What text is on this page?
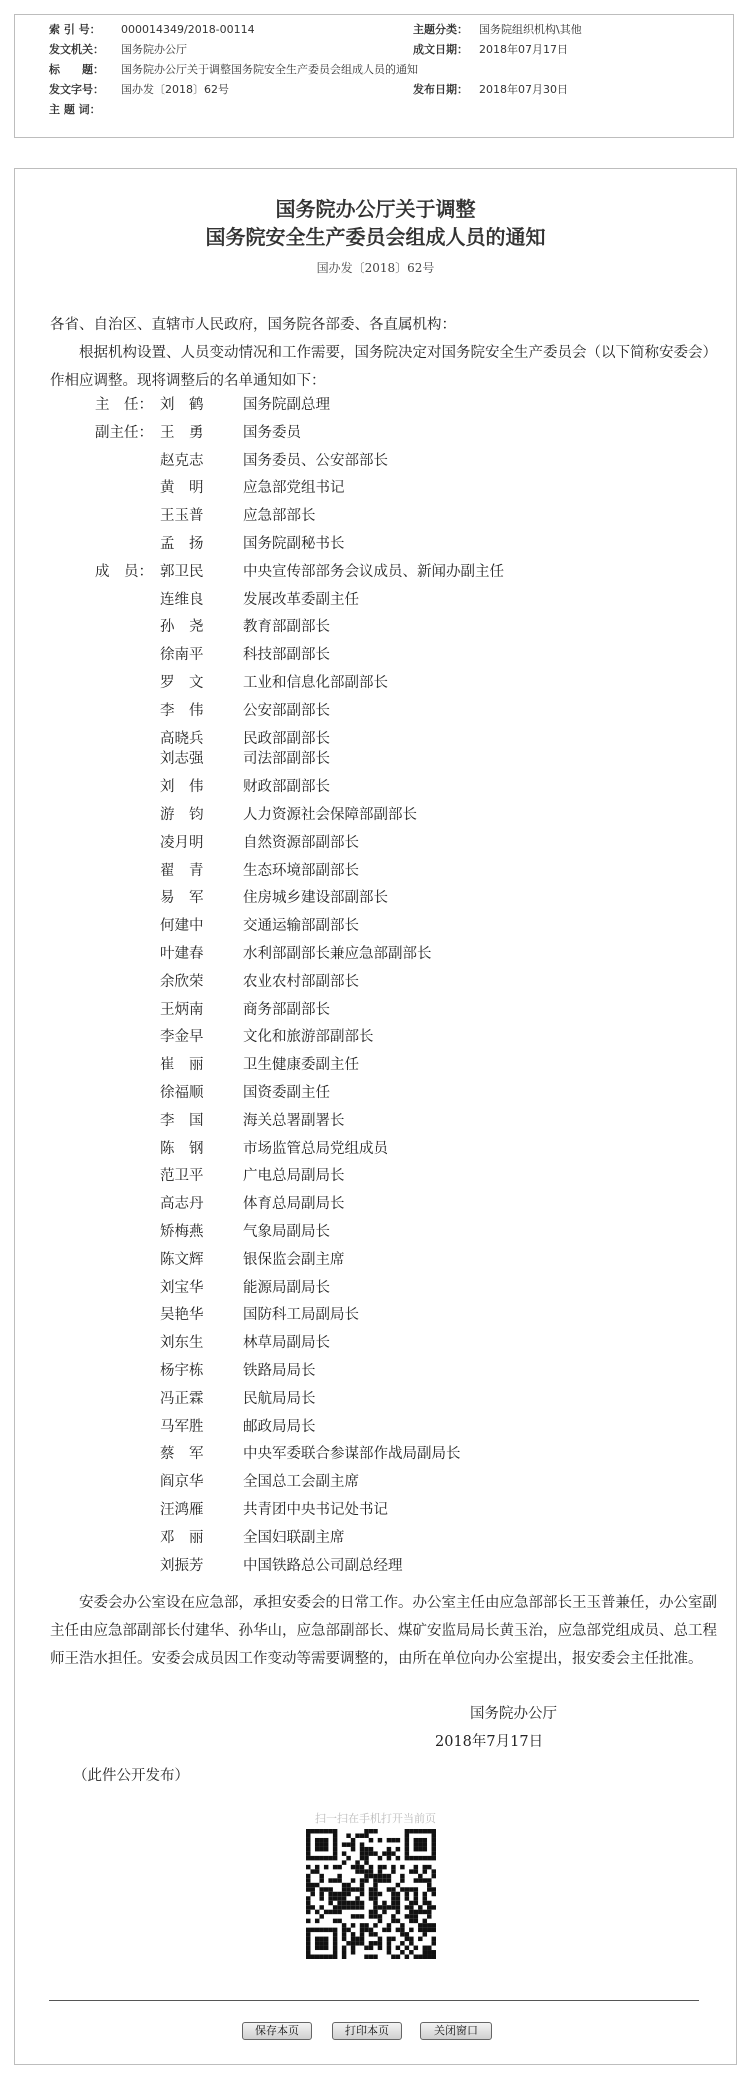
索 引 号： 000014349/2018-00114	主题分类： 国务院组织机构\其他
发文机关： 国务院办公厅	成文日期： 2018年07月17日
标　　题： 国务院办公厅关于调整国务院安全生产委员会组成人员的通知
发文字号： 国办发〔2018〕62号	发布日期： 2018年07月30日
主 题 词：
国务院办公厅关于调整
国务院安全生产委员会组成人员的通知
国办发〔2018〕62号
各省、自治区、直辖市人民政府，国务院各部委、各直属机构：
根据机构设置、人员变动情况和工作需要，国务院决定对国务院安全生产委员会（以下简称安委会）作相应调整。现将调整后的名单通知如下：
主　任： 刘　鹤	国务院副总理
副主任： 王　勇	国务委员
赵克志	国务委员、公安部部长
黄　明	应急部党组书记
王玉普	应急部部长
孟　扬	国务院副秘书长
成　员： 郭卫民	中央宣传部部务会议成员、新闻办副主任
连维良	发展改革委副主任
孙　尧	教育部副部长
徐南平	科技部副部长
罗　文	工业和信息化部副部长
李　伟	公安部副部长
高晓兵	民政部副部长
刘志强	司法部副部长
刘　伟	财政部副部长
游　钧	人力资源社会保障部副部长
凌月明	自然资源部副部长
翟　青	生态环境部副部长
易　军	住房城乡建设部副部长
何建中	交通运输部副部长
叶建春	水利部副部长兼应急部副部长
余欣荣	农业农村部副部长
王炳南	商务部副部长
李金早	文化和旅游部副部长
崔　丽	卫生健康委副主任
徐福顺	国资委副主任
李　国	海关总署副署长
陈　钢	市场监管总局党组成员
范卫平	广电总局副局长
高志丹	体育总局副局长
矫梅燕	气象局副局长
陈文辉	银保监会副主席
刘宝华	能源局副局长
吴艳华	国防科工局副局长
刘东生	林草局副局长
杨宇栋	铁路局局长
冯正霖	民航局局长
马军胜	邮政局局长
蔡　军	中央军委联合参谋部作战局副局长
阎京华	全国总工会副主席
汪鸿雁	共青团中央书记处书记
邓　丽	全国妇联副主席
刘振芳	中国铁路总公司副总经理
安委会办公室设在应急部，承担安委会的日常工作。办公室主任由应急部部长王玉普兼任，办公室副主任由应急部副部长付建华、孙华山，应急部副部长、煤矿安监局局长黄玉治，应急部党组成员、总工程师王浩水担任。安委会成员因工作变动等需要调整的，由所在单位向办公室提出，报安委会主任批准。
国务院办公厅
2018年7月17日
（此件公开发布）
扫一扫在手机打开当前页
保存本页	打印本页	关闭窗口
